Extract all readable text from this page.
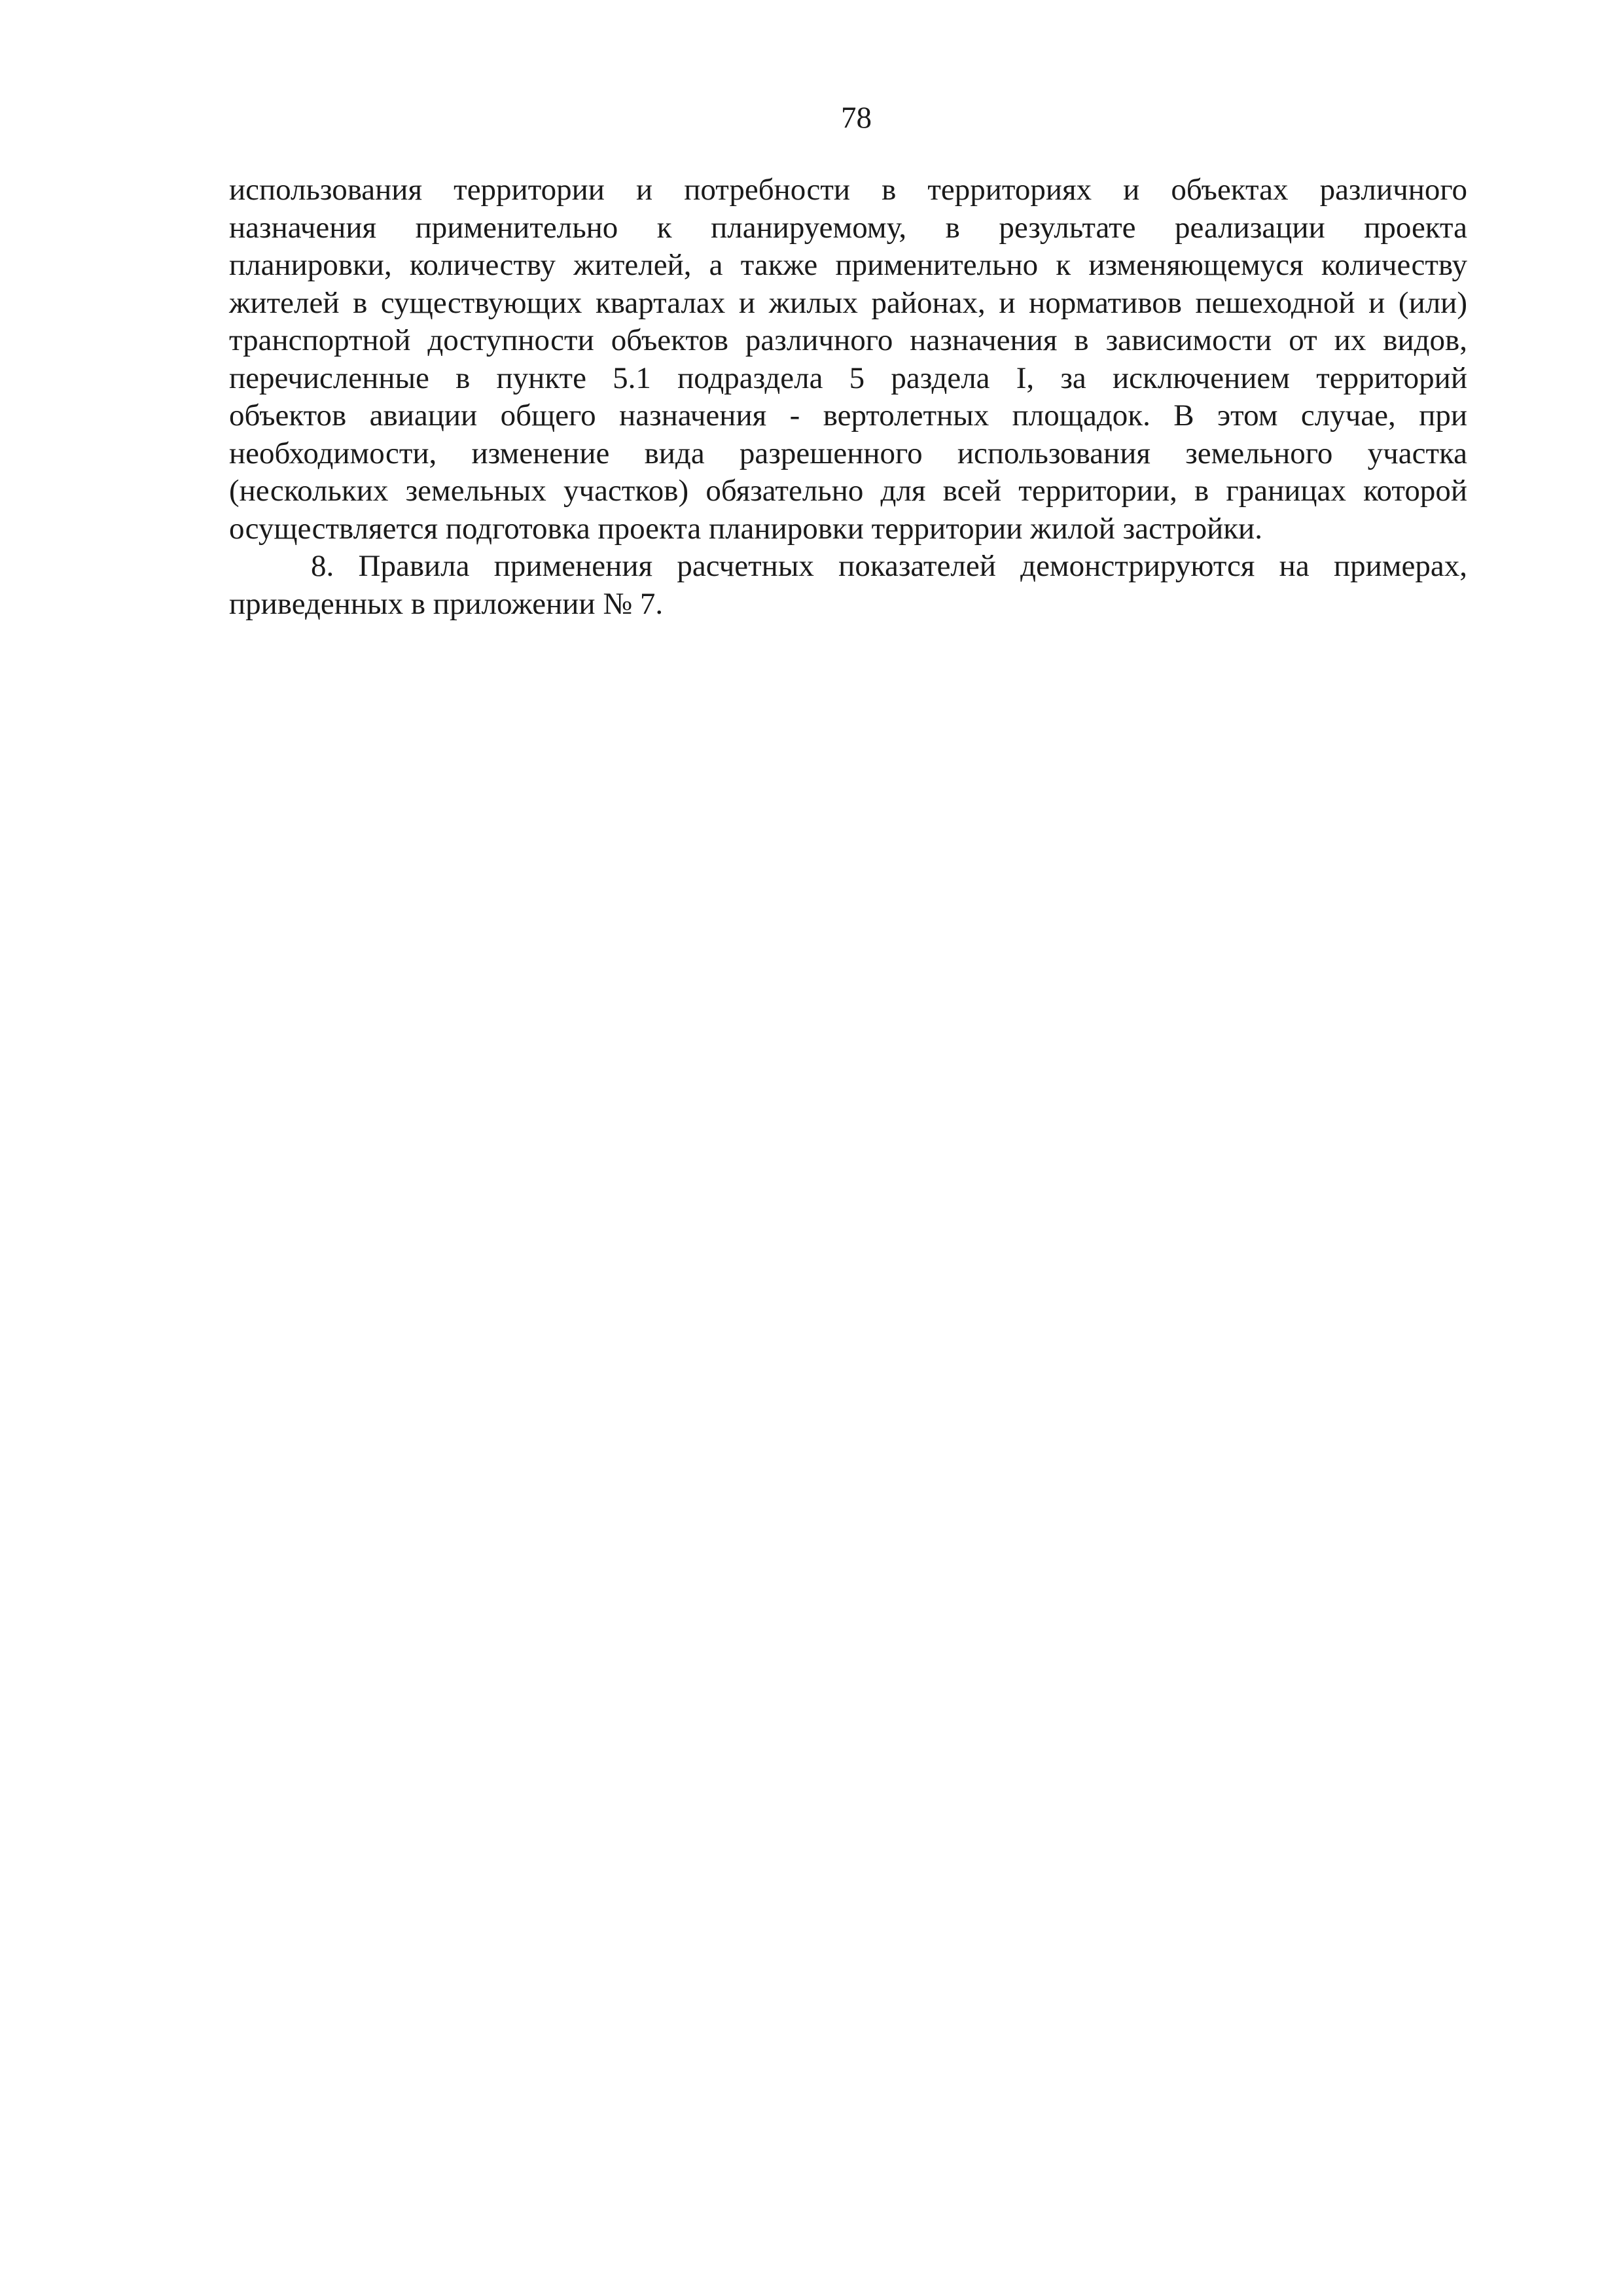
78

использования территории и потребности в территориях и объектах различного
назначения применительно к планируемому, в результате реализации проекта
планировки, количеству жителей, а также применительно к изменяющемуся количеству
жителей в существующих кварталах и жилых районах, и нормативов пешеходной и (или)
транспортной доступности объектов различного назначения в зависимости от их видов,
перечисленные в пункте 5.1 подраздела 5 раздела I, за исключением территорий
объектов авиации общего назначения - вертолетных площадок. В этом случае, при
необходимости, изменение вида разрешенного использования земельного участка
(нескольких земельных участков) обязательно для всей территории, в границах которой
осуществляется подготовка проекта планировки территории жилой застройки.
8. Правила применения расчетных показателей демонстрируются на примерах,
приведенных в приложении № 7.
